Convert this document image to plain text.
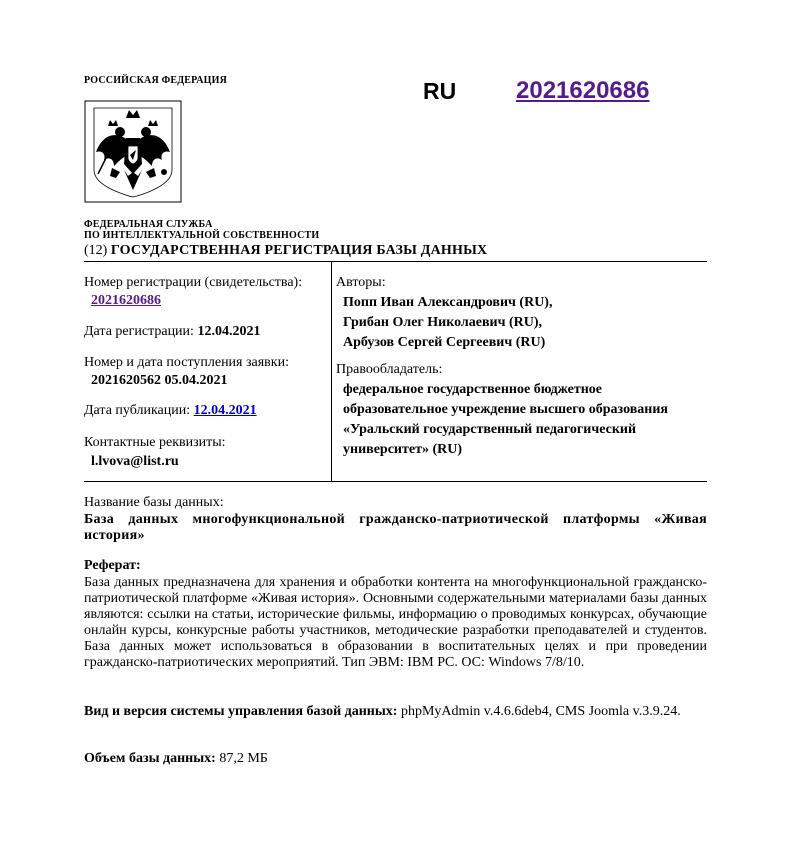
РОССИЙСКАЯ ФЕДЕРАЦИЯ	RU 2021620686
ФЕДЕРАЛЬНАЯ СЛУЖБА
ПО ИНТЕЛЛЕКТУАЛЬНОЙ СОБСТВЕННОСТИ
(12) ГОСУДАРСТВЕННАЯ РЕГИСТРАЦИЯ БАЗЫ ДАННЫХ
Номер регистрации (свидетельства):
2021620686
Дата регистрации: 12.04.2021
Номер и дата поступления заявки:
2021620562 05.04.2021
Дата публикации: 12.04.2021
Контактные реквизиты:
l.lvova@list.ru
Авторы:
Попп Иван Александрович (RU),
Грибан Олег Николаевич (RU),
Арбузов Сергей Сергеевич (RU)
Правообладатель:
федеральное государственное бюджетное
образовательное учреждение высшего образования
«Уральский государственный педагогический
университет» (RU)
Название базы данных:
База данных многофункциональной гражданско-патриотической платформы «Живая история»
Реферат:
База данных предназначена для хранения и обработки контента на многофункциональной гражданско-патриотической платформе «Живая история». Основными содержательными материалами базы данных являются: ссылки на статьи, исторические фильмы, информацию о проводимых конкурсах, обучающие онлайн курсы, конкурсные работы участников, методические разработки преподавателей и студентов. База данных может использоваться в образовании в воспитательных целях и при проведении гражданско-патриотических мероприятий. Тип ЭВМ: IBM PC. ОС: Windows 7/8/10.
Вид и версия системы управления базой данных: phpMyAdmin v.4.6.6deb4, CMS Joomla v.3.9.24.
Объем базы данных: 87,2 МБ
